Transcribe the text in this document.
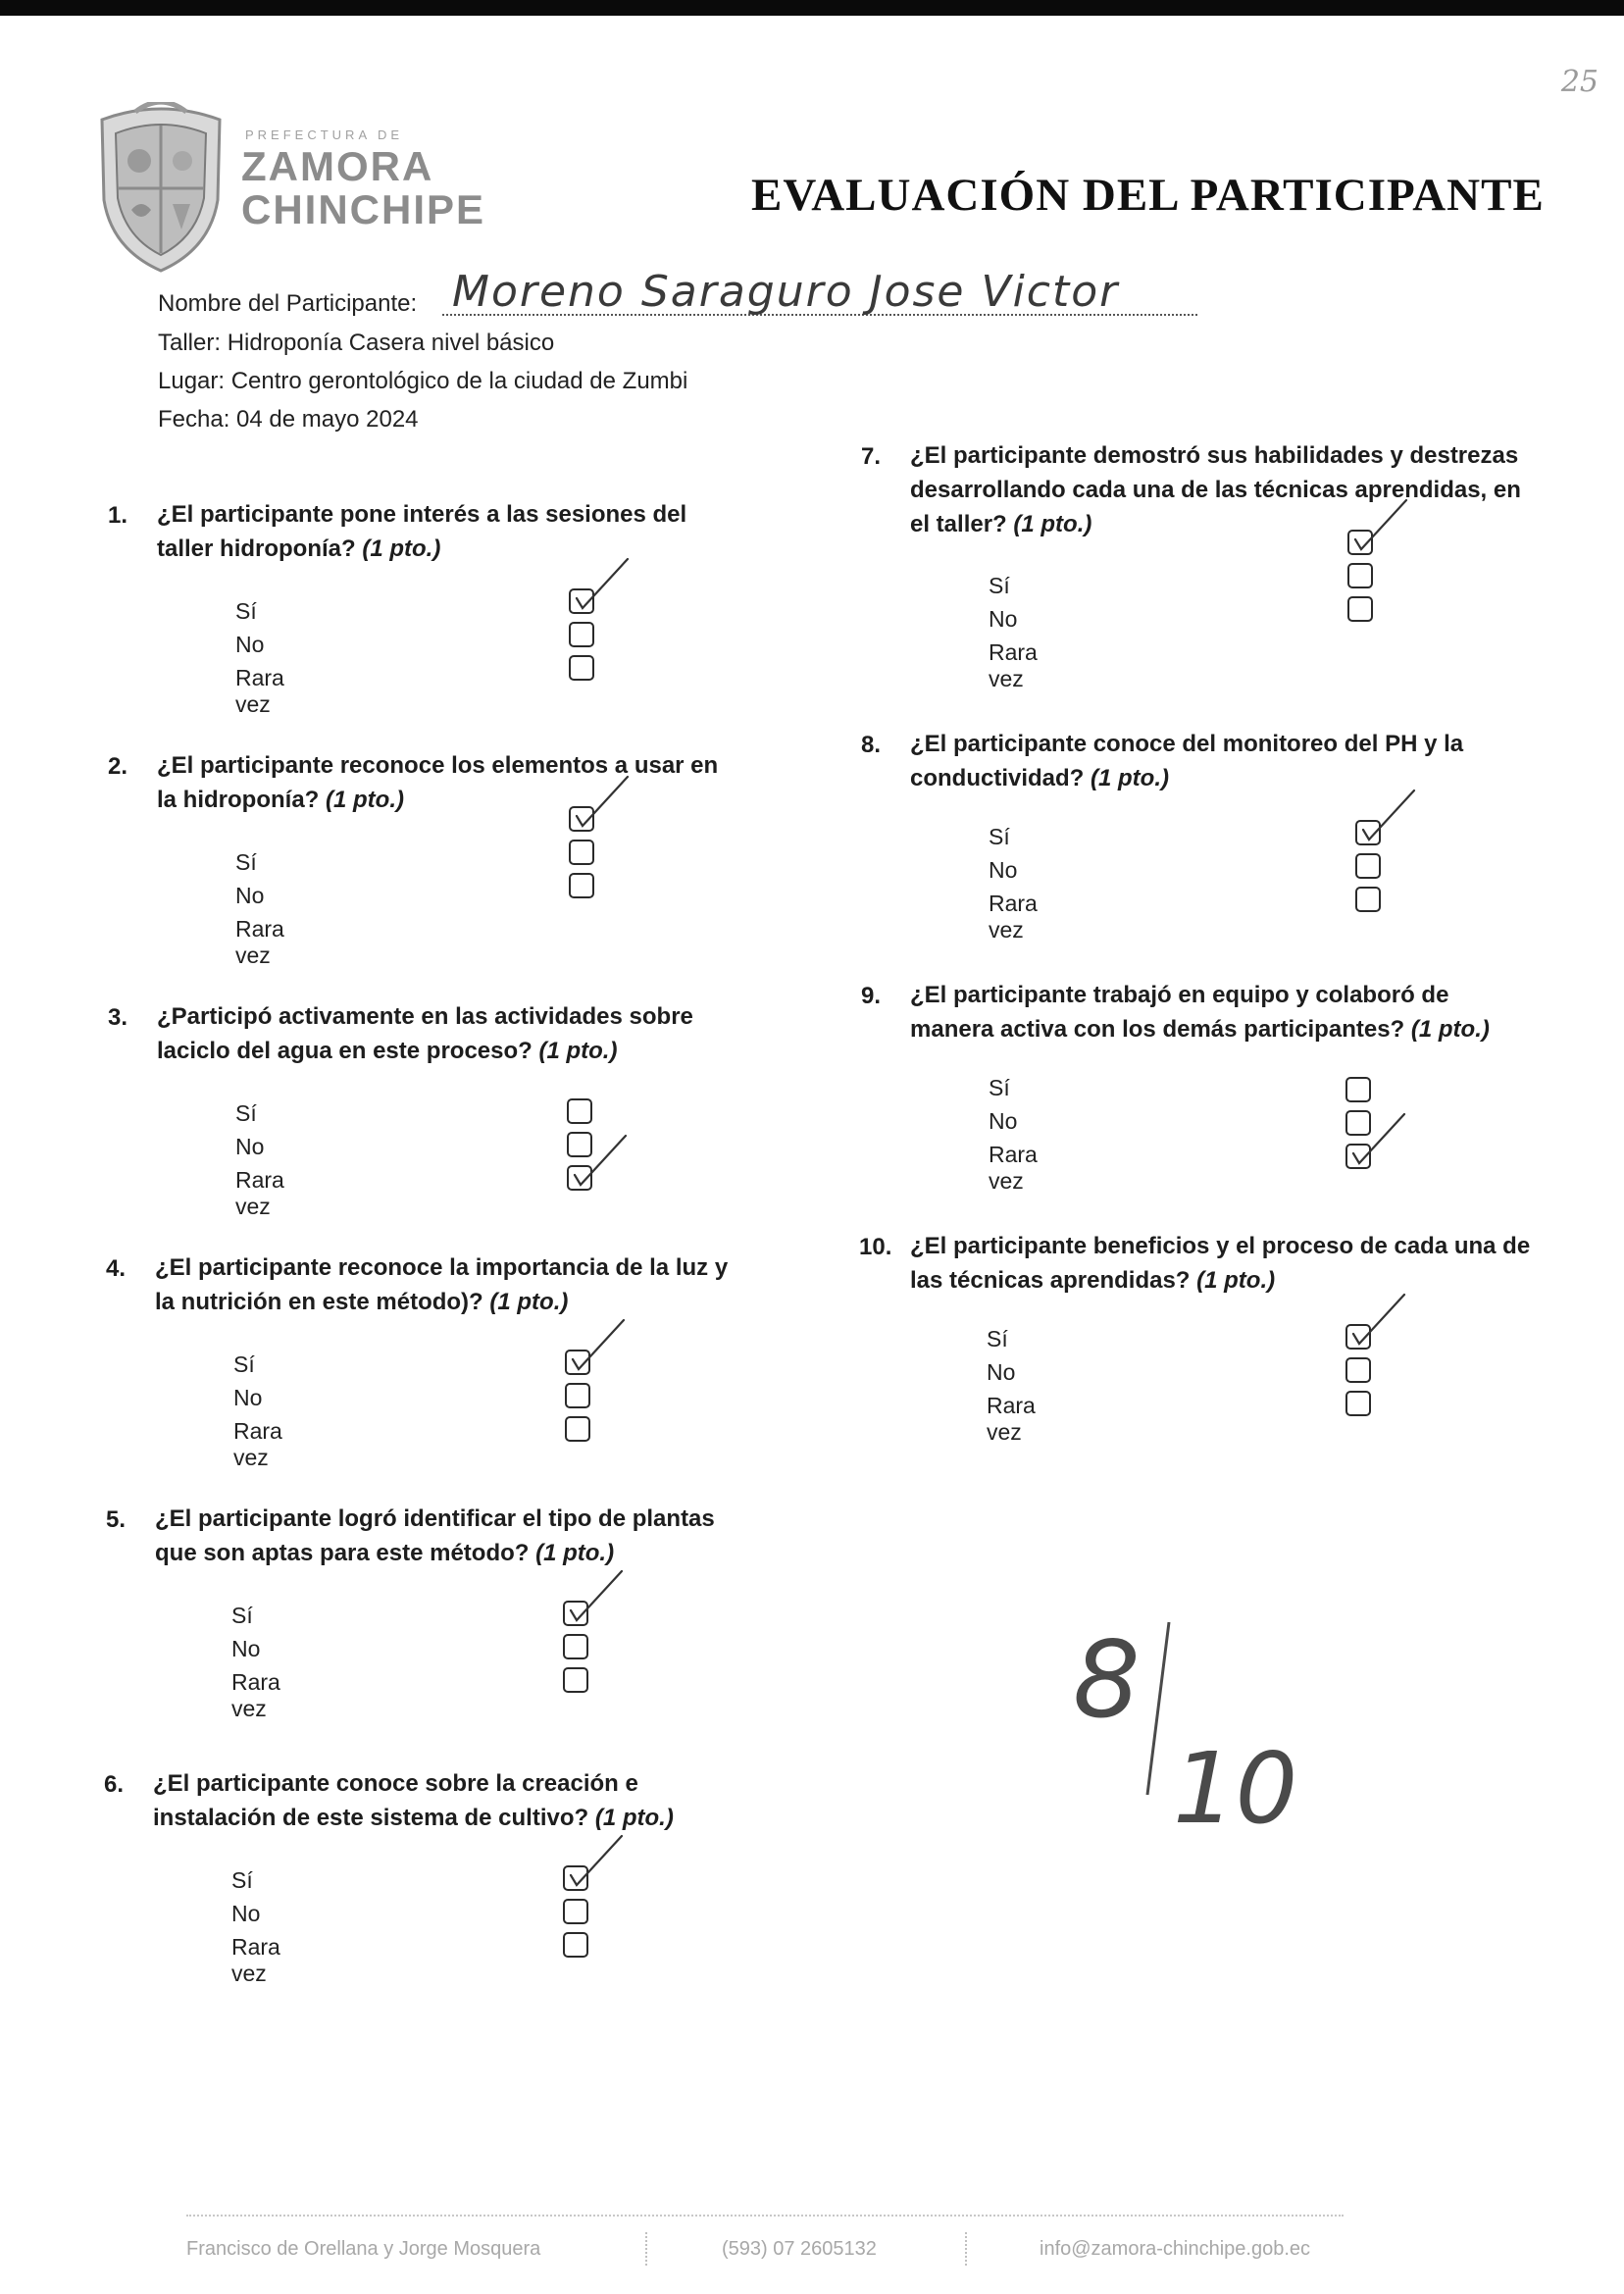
25
PREFECTURA DE
ZAMORA
CHINCHIPE	EVALUACIÓN DEL PARTICIPANTE
Nombre del Participante: Moreno Saraguro Jose Victor
Taller: Hidroponía Casera nivel básico
Lugar: Centro gerontológico de la ciudad de Zumbi
Fecha: 04 de mayo 2024
1. ¿El participante pone interés a las sesiones del
taller hidroponía? (1 pto.)
Sí
No
Rara vez
2. ¿El participante reconoce los elementos a usar en
la hidroponía? (1 pto.)
Sí
No
Rara vez
3. ¿Participó activamente en las actividades sobre
laciclo del agua en este proceso? (1 pto.)
Sí
No
Rara vez
4. ¿El participante reconoce la importancia de la luz y
la nutrición en este método)? (1 pto.)
Sí
No
Rara vez
5. ¿El participante logró identificar el tipo de plantas
que son aptas para este método? (1 pto.)
Sí
No
Rara vez
6. ¿El participante conoce sobre la creación e
instalación de este sistema de cultivo? (1 pto.)
Sí
No
Rara vez
7. ¿El participante demostró sus habilidades y destrezas
desarrollando cada una de las técnicas aprendidas, en
el taller? (1 pto.)
Sí
No
Rara vez
8. ¿El participante conoce del monitoreo del PH y la
conductividad? (1 pto.)
Sí
No
Rara vez
9. ¿El participante trabajó en equipo y colaboró de
manera activa con los demás participantes? (1 pto.)
Sí
No
Rara vez
10. ¿El participante beneficios y el proceso de cada una de
las técnicas aprendidas? (1 pto.)
Sí
No
Rara vez
8
10
Francisco de Orellana y Jorge Mosquera	(593) 07 2605132	info@zamora-chinchipe.gob.ec
